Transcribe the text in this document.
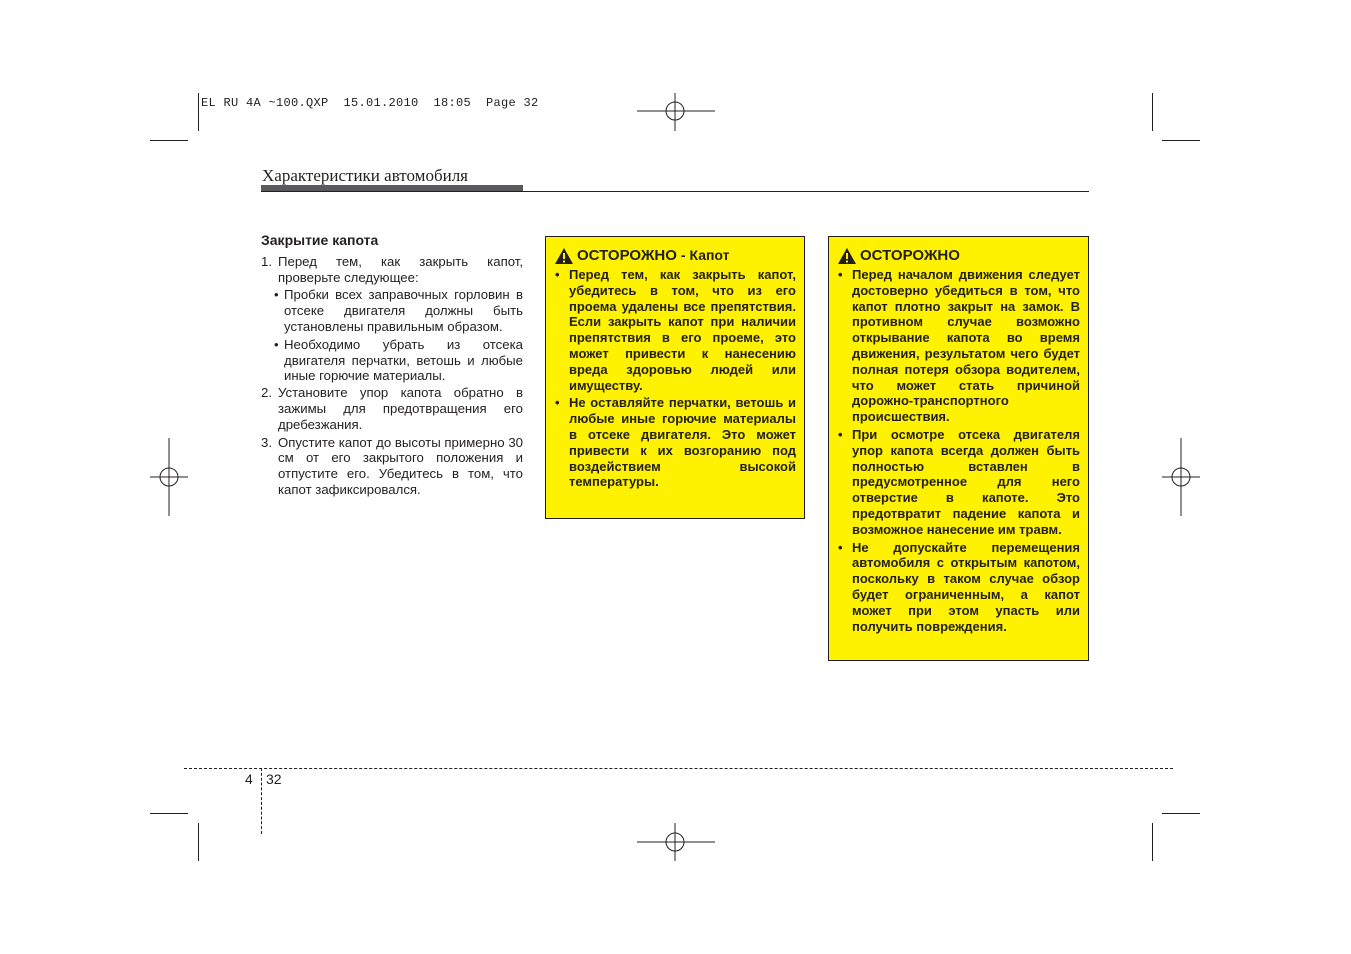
EL RU 4A ~100.QXP  15.01.2010  18:05  Page 32
Характеристики автомобиля
Закрытие капота
1. Перед тем, как закрыть капот, проверьте следующее:
• Пробки всех заправочных горловин в отсеке двигателя должны быть установлены правильным образом.
• Необходимо убрать из отсека двигателя перчатки, ветошь и любые иные горючие материалы.
2. Установите упор капота обратно в зажимы для предотвращения его дребезжания.
3. Опустите капот до высоты примерно 30 см от его закрытого положения и отпустите его. Убедитесь в том, что капот зафиксировался.
ОСТОРОЖНО - Капот
• Перед тем, как закрыть капот, убедитесь в том, что из его проема удалены все препятствия. Если закрыть капот при наличии препятствия в его проеме, это может привести к нанесению вреда здоровью людей или имуществу.
• Не оставляйте перчатки, ветошь и любые иные горючие материалы в отсеке двигателя. Это может привести к их возгоранию под воздействием высокой температуры.
ОСТОРОЖНО
• Перед началом движения следует достоверно убедиться в том, что капот плотно закрыт на замок. В противном случае возможно открывание капота во время движения, результатом чего будет полная потеря обзора водителем, что может стать причиной дорожно-транспортного происшествия.
• При осмотре отсека двигателя упор капота всегда должен быть полностью вставлен в предусмотренное для него отверстие в капоте. Это предотвратит падение капота и возможное нанесение им травм.
• Не допускайте перемещения автомобиля с открытым капотом, поскольку в таком случае обзор будет ограниченным, а капот может при этом упасть или получить повреждения.
4 32
